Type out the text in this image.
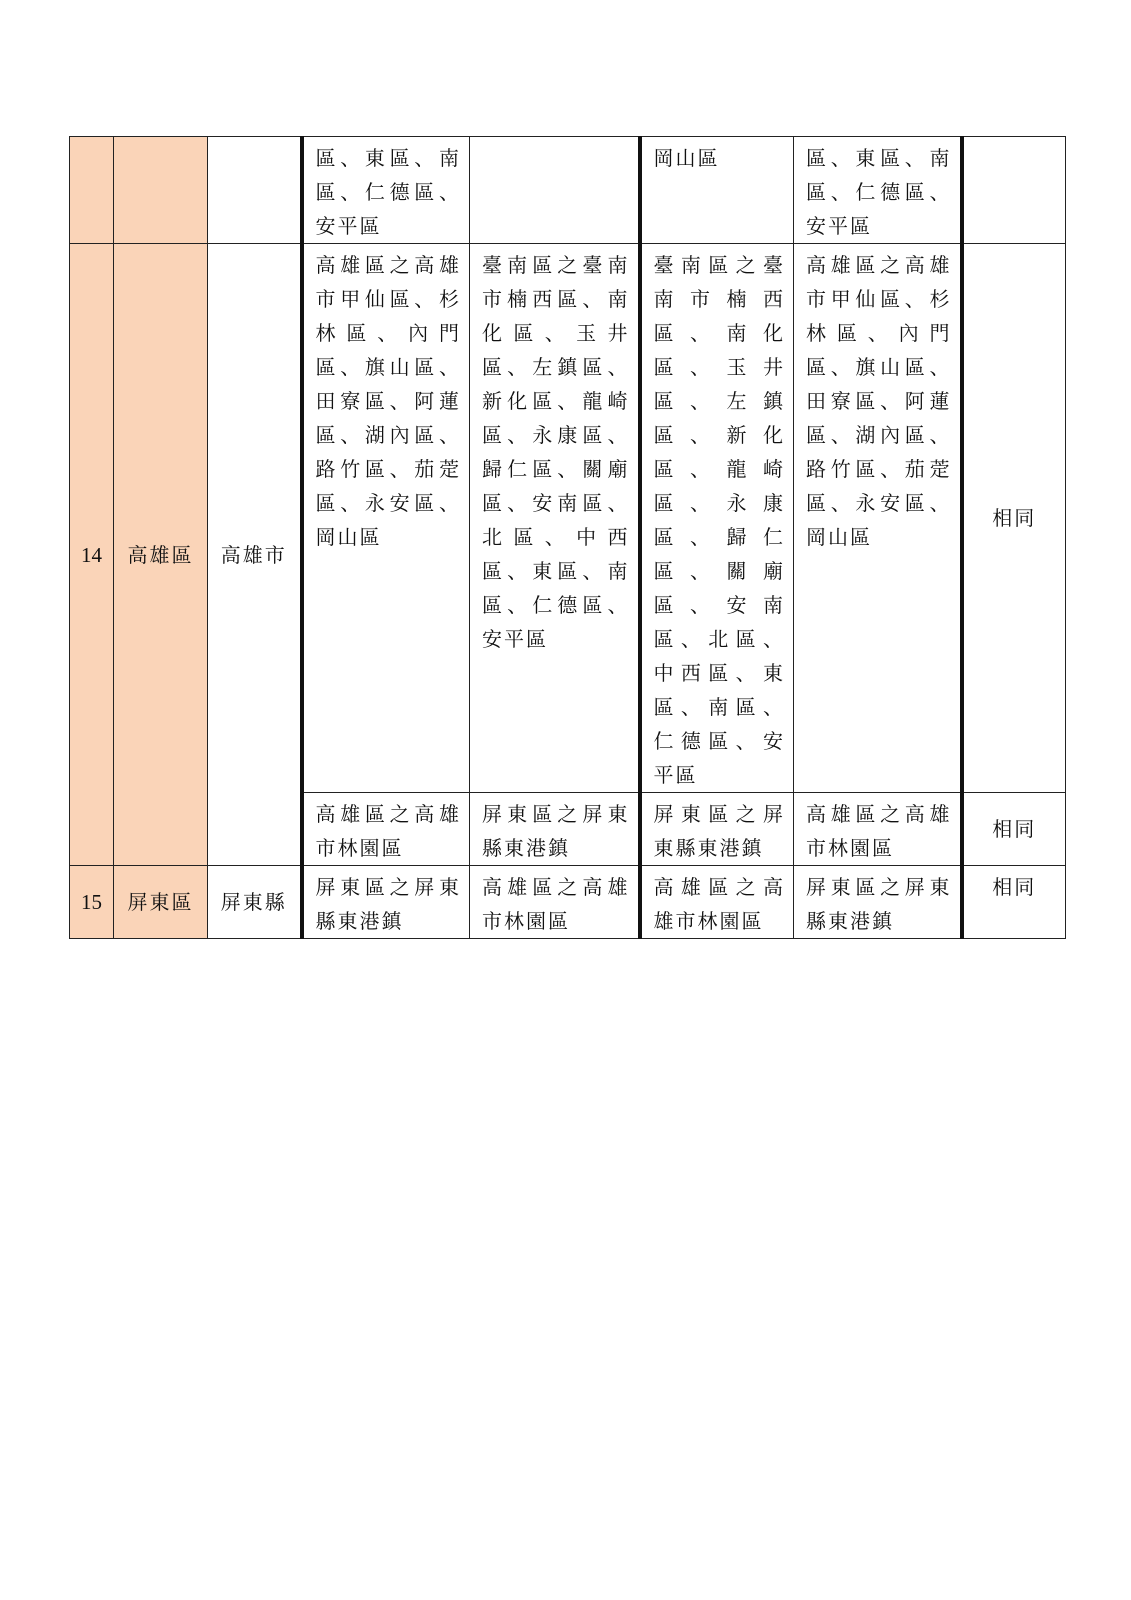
			區、東區、南區、仁德區、安平區		岡山區	區、東區、南區、仁德區、安平區	
14	高雄區	高雄市	高雄區之高雄市甲仙區、杉林區、內門區、旗山區、田寮區、阿蓮區、湖內區、路竹區、茄萣區、永安區、岡山區	臺南區之臺南市楠西區、南化區、玉井區、左鎮區、新化區、龍崎區、永康區、歸仁區、關廟區、安南區、北區、中西區、東區、南區、仁德區、安平區	臺南區之臺南市楠西區、南化區、玉井區、左鎮區、新化區、龍崎區、永康區、歸仁區、關廟區、安南區、北區、中西區、東區、南區、仁德區、安平區	高雄區之高雄市甲仙區、杉林區、內門區、旗山區、田寮區、阿蓮區、湖內區、路竹區、茄萣區、永安區、岡山區	相同
			高雄區之高雄市林園區	屏東區之屏東縣東港鎮	屏東區之屏東縣東港鎮	高雄區之高雄市林園區	相同
15	屏東區	屏東縣	屏東區之屏東縣東港鎮	高雄區之高雄市林園區	高雄區之高雄市林園區	屏東區之屏東縣東港鎮	相同
